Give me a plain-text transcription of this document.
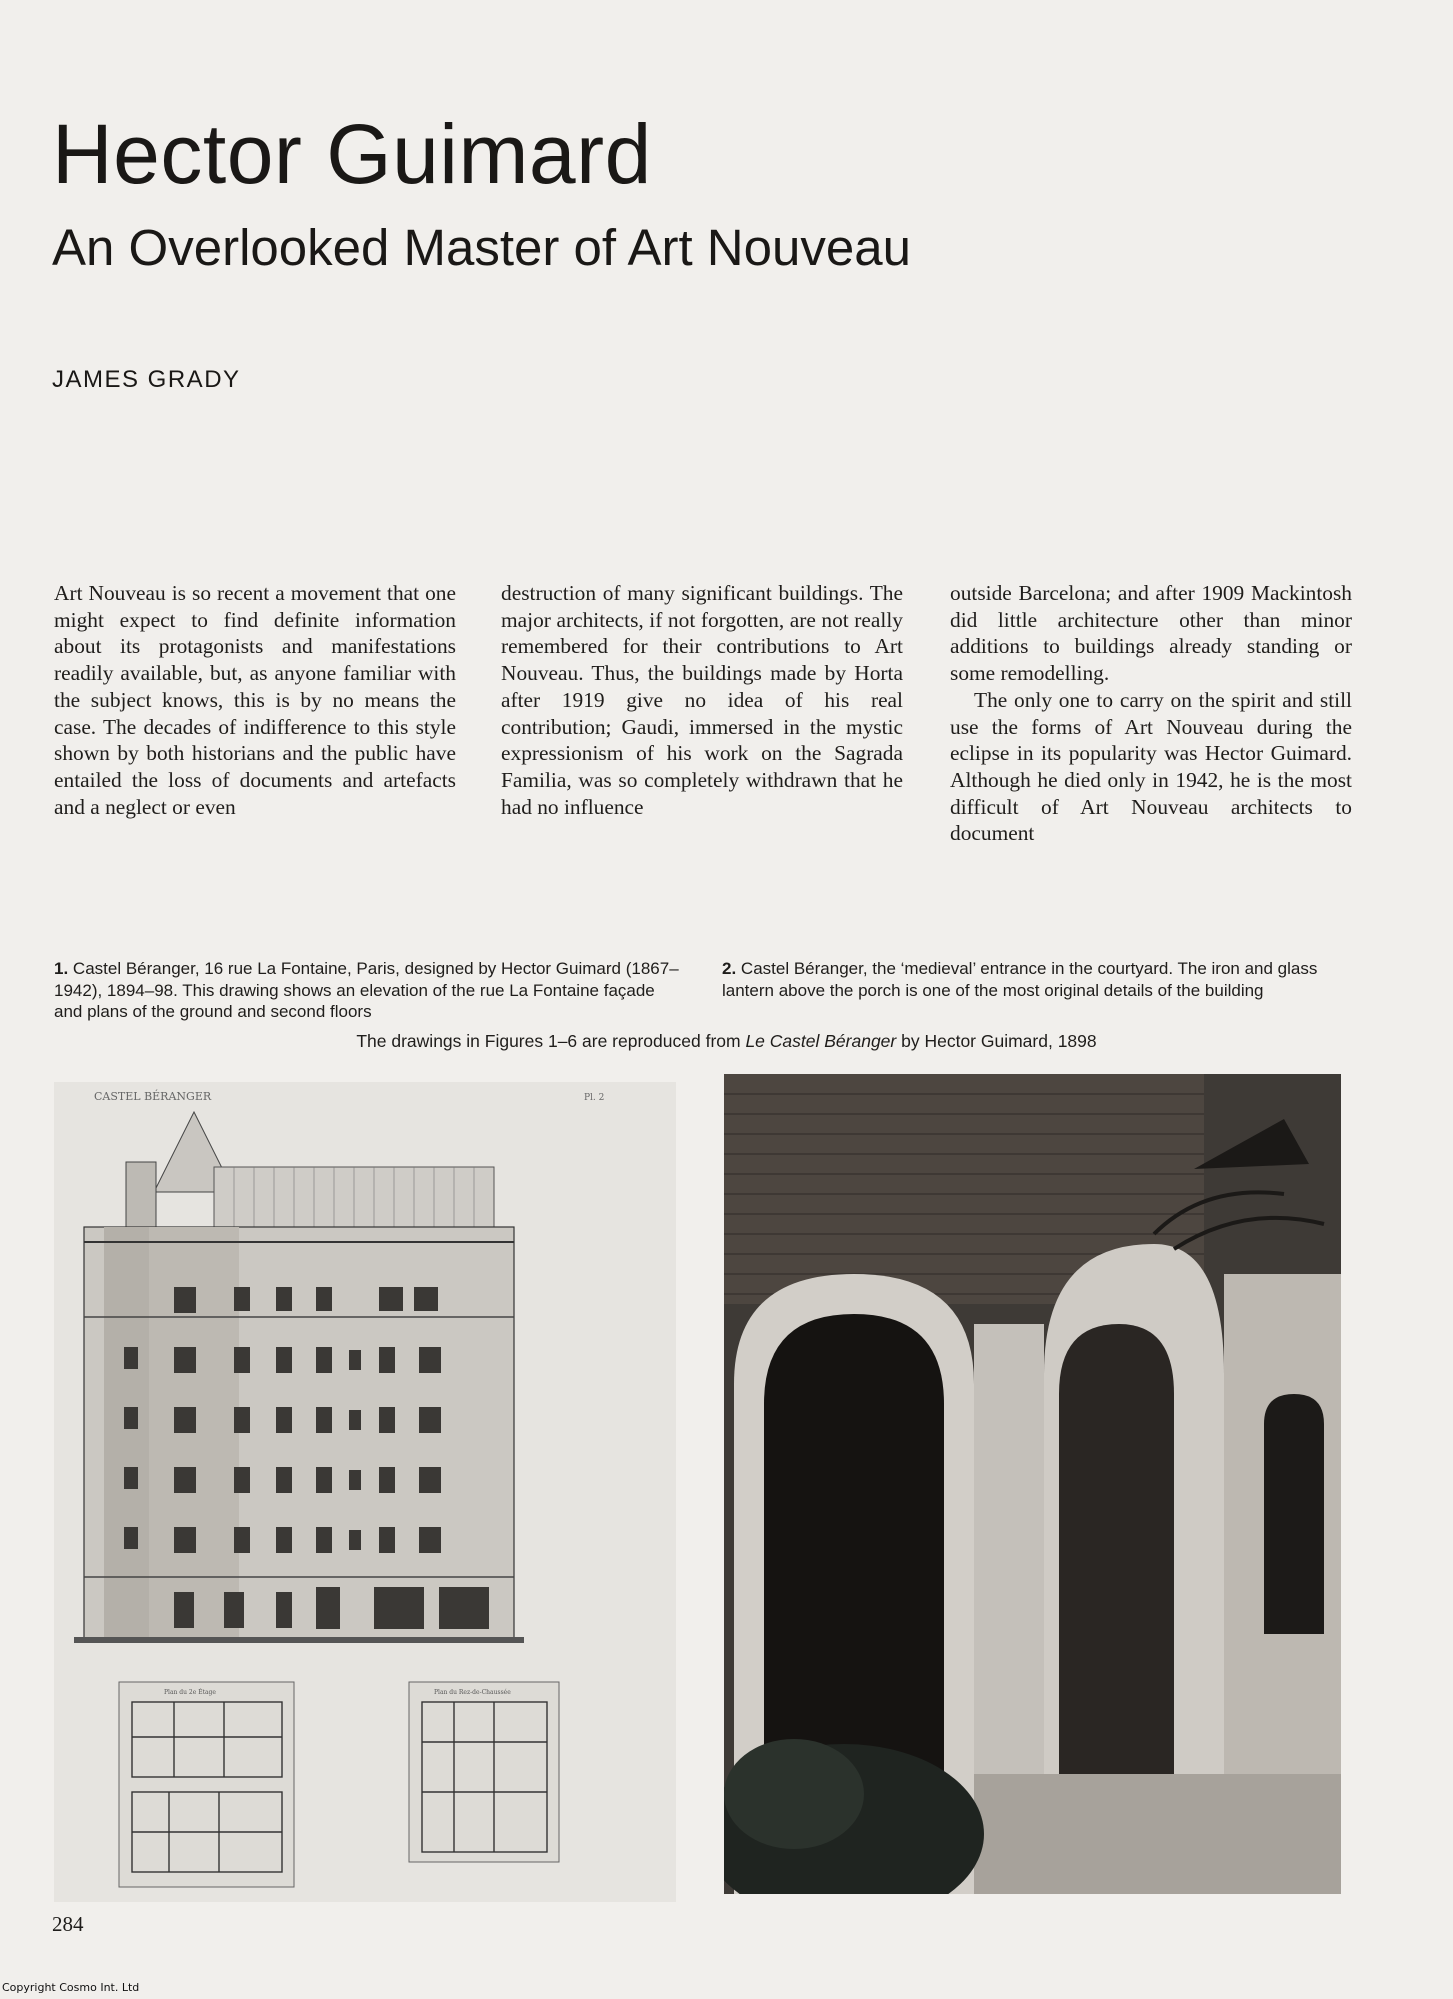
Hector Guimard
An Overlooked Master of Art Nouveau
JAMES GRADY

Art Nouveau is so recent a movement that one might expect to find definite information about its protagonists and manifestations readily available, but, as anyone familiar with the subject knows, this is by no means the case. The decades of indifference to this style shown by both historians and the public have entailed the loss of documents and artefacts and a neglect or even

destruction of many significant buildings. The major architects, if not forgotten, are not really remembered for their contributions to Art Nouveau. Thus, the buildings made by Horta after 1919 give no idea of his real contribution; Gaudi, immersed in the mystic expressionism of his work on the Sagrada Familia, was so completely withdrawn that he had no influence

outside Barcelona; and after 1909 Mackintosh did little architecture other than minor additions to buildings already standing or some remodelling.

The only one to carry on the spirit and still use the forms of Art Nouveau during the eclipse in its popularity was Hector Guimard. Although he died only in 1942, he is the most difficult of Art Nouveau architects to document

1. Castel Béranger, 16 rue La Fontaine, Paris, designed by Hector Guimard (1867–1942), 1894–98. This drawing shows an elevation of the rue La Fontaine façade and plans of the ground and second floors
2. Castel Béranger, the ‘medieval’ entrance in the courtyard. The iron and glass lantern above the porch is one of the most original details of the building
The drawings in Figures 1–6 are reproduced from Le Castel Béranger by Hector Guimard, 1898
CASTEL BÉRANGER	Pl. 2
Plan du 2e Étage	Plan du Rez-de-Chaussée
284
Copyright Cosmo Int. Ltd
